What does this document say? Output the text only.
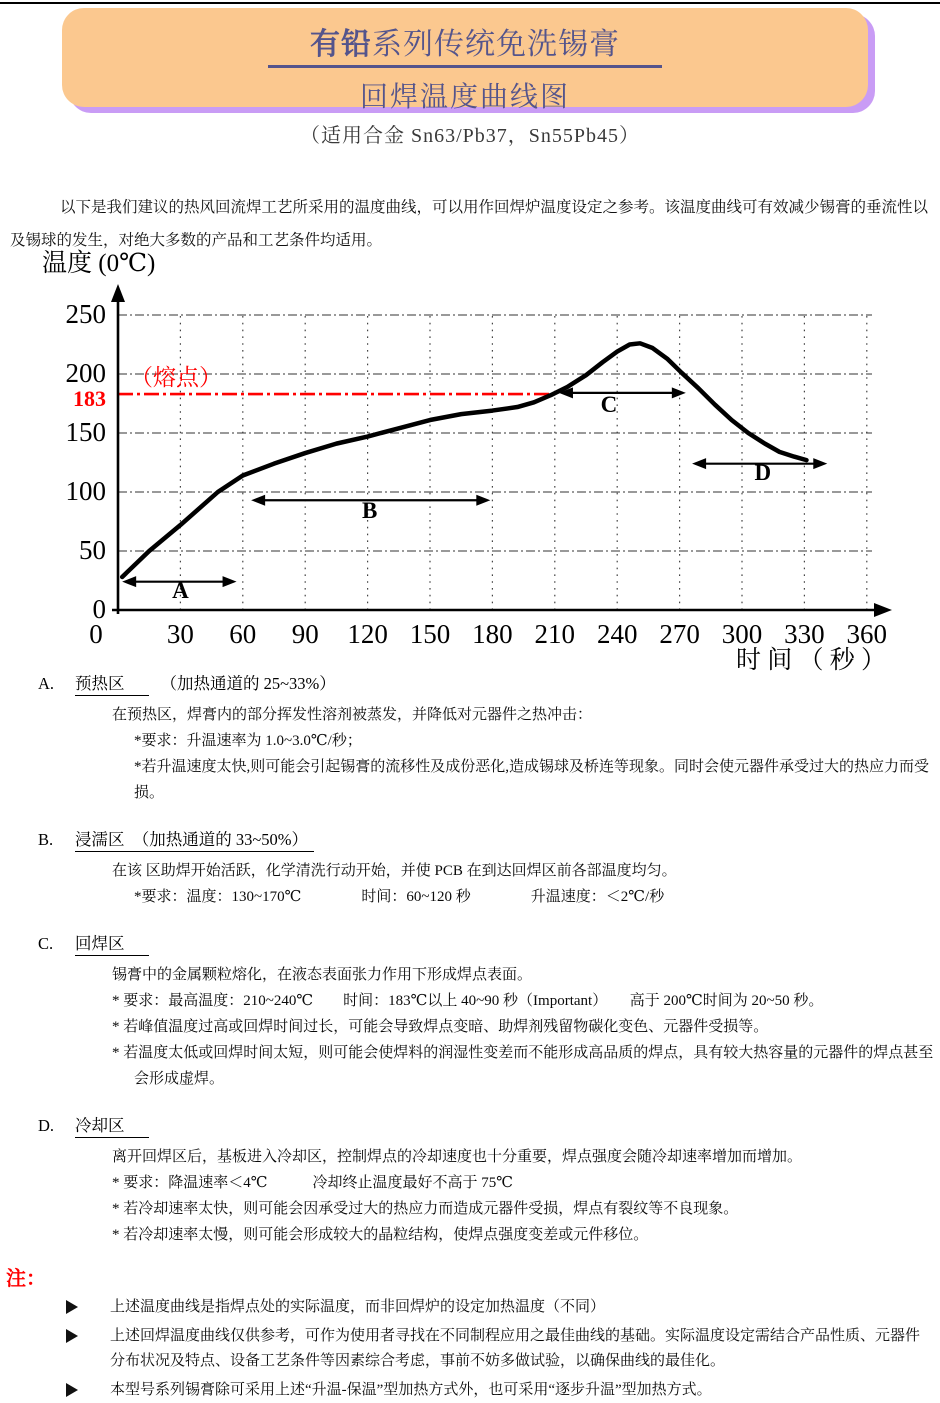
有铅系列传统免洗锡膏
回焊温度曲线图
（适用合金 Sn63/Pb37，Sn55Pb45）
以下是我们建议的热风回流焊工艺所采用的温度曲线，可以用作回焊炉温度设定之参考。该温度曲线可有效减少锡膏的垂流性以及锡球的发生，对绝大多数的产品和工艺条件均适用。
温度 (0℃)
A
B
C
D
0
50
100
150
200
250
183
（熔点）
0 30 60 90 120 150 180 210 240 270 300 330 360
时 间 （ 秒 ）
A. 预热区 （加热通道的 25~33%）
在预热区，焊膏内的部分挥发性溶剂被蒸发，并降低对元器件之热冲击：
*要求：升温速率为 1.0~3.0℃/秒；
*若升温速度太快,则可能会引起锡膏的流移性及成份恶化,造成锡球及桥连等现象。同时会使元器件承受过大的热应力而受损。
B. 浸濡区　（加热通道的 33~50%）
在该 区助焊开始活跃，化学清洗行动开始，并使 PCB 在到达回焊区前各部温度均匀。
*要求：温度：130~170℃　　　　时间：60~120 秒　　　　升温速度：＜2℃/秒
C. 回焊区
锡膏中的金属颗粒熔化，在液态表面张力作用下形成焊点表面。
* 要求：最高温度：210~240℃　　时间：183℃以上 40~90 秒（Important）　　高于 200℃时间为 20~50 秒。
* 若峰值温度过高或回焊时间过长，可能会导致焊点变暗、助焊剂残留物碳化变色、元器件受损等。
* 若温度太低或回焊时间太短，则可能会使焊料的润湿性变差而不能形成高品质的焊点，具有较大热容量的元器件的焊点甚至会形成虚焊。
D. 冷却区
离开回焊区后，基板进入冷却区，控制焊点的冷却速度也十分重要，焊点强度会随冷却速率增加而增加。
* 要求：降温速率＜4℃　　　冷却终止温度最好不高于 75℃
* 若冷却速率太快，则可能会因承受过大的热应力而造成元器件受损，焊点有裂纹等不良现象。
* 若冷却速率太慢，则可能会形成较大的晶粒结构，使焊点强度变差或元件移位。
注：
上述温度曲线是指焊点处的实际温度，而非回焊炉的设定加热温度（不同）
上述回焊温度曲线仅供参考，可作为使用者寻找在不同制程应用之最佳曲线的基础。实际温度设定需结合产品性质、元器件分布状况及特点、设备工艺条件等因素综合考虑，事前不妨多做试验，以确保曲线的最佳化。
本型号系列锡膏除可采用上述“升温-保温”型加热方式外，也可采用“逐步升温”型加热方式。
